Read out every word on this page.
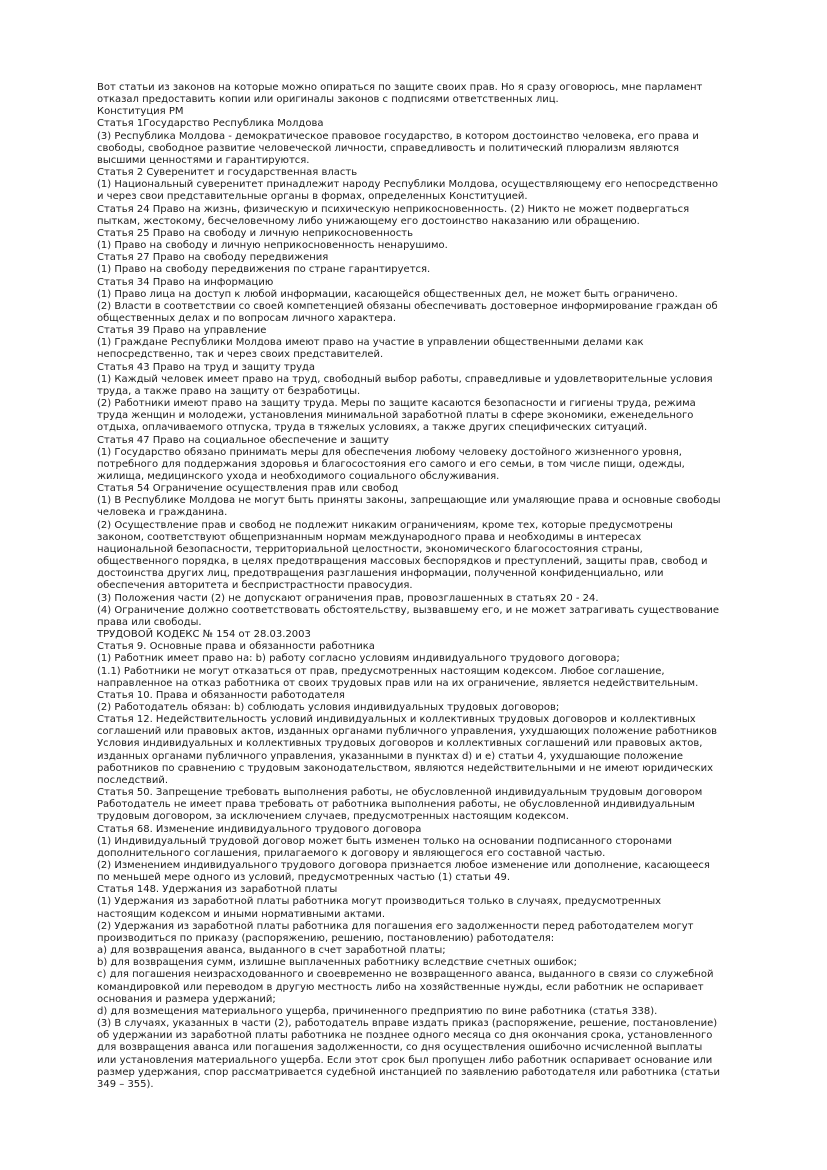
Вот статьи из законов на которые можно опираться по защите своих прав. Но я сразу оговорюсь, мне парламент
отказал предоставить копии или оригиналы законов с подписями ответственных лиц.
Конституция РМ
Статья 1Государство Республика Молдова
(3) Республика Молдова - демократическое правовое государство, в котором достоинство человека, его права и
свободы, свободное развитие человеческой личности, справедливость и политический плюрализм являются
высшими ценностями и гарантируются.
Статья 2 Суверенитет и государственная власть
(1) Национальный суверенитет принадлежит народу Республики Молдова, осуществляющему его непосредственно
и через свои представительные органы в формах, определенных Конституцией.
Статья 24 Право на жизнь, физическую и психическую неприкосновенность. (2) Никто не может подвергаться
пыткам, жестокому, бесчеловечному либо унижающему его достоинство наказанию или обращению.
Статья 25 Право на свободу и личную неприкосновенность
(1) Право на свободу и личную неприкосновенность ненарушимо.
Статья 27 Право на свободу передвижения
(1) Право на свободу передвижения по стране гарантируется.
Статья 34 Право на информацию
(1) Право лица на доступ к любой информации, касающейся общественных дел, не может быть ограничено.
(2) Власти в соответствии со своей компетенцией обязаны обеспечивать достоверное информирование граждан об
общественных делах и по вопросам личного характера.
Статья 39 Право на управление
(1) Граждане Республики Молдова имеют право на участие в управлении общественными делами как
непосредственно, так и через своих представителей.
Статья 43 Право на труд и защиту труда
(1) Каждый человек имеет право на труд, свободный выбор работы, справедливые и удовлетворительные условия
труда, а также право на защиту от безработицы.
(2) Работники имеют право на защиту труда. Меры по защите касаются безопасности и гигиены труда, режима
труда женщин и молодежи, установления минимальной заработной платы в сфере экономики, еженедельного
отдыха, оплачиваемого отпуска, труда в тяжелых условиях, а также других специфических ситуаций.
Статья 47 Право на социальное обеспечение и защиту
(1) Государство обязано принимать меры для обеспечения любому человеку достойного жизненного уровня,
потребного для поддержания здоровья и благосостояния его самого и его семьи, в том числе пищи, одежды,
жилища, медицинского ухода и необходимого социального обслуживания.
Статья 54 Ограничение осуществления прав или свобод
(1) В Республике Молдова не могут быть приняты законы, запрещающие или умаляющие права и основные свободы
человека и гражданина.
(2) Осуществление прав и свобод не подлежит никаким ограничениям, кроме тех, которые предусмотрены
законом, соответствуют общепризнанным нормам международного права и необходимы в интересах
национальной безопасности, территориальной целостности, экономического благосостояния страны,
общественного порядка, в целях предотвращения массовых беспорядков и преступлений, защиты прав, свобод и
достоинства других лиц, предотвращения разглашения информации, полученной конфиденциально, или
обеспечения авторитета и беспристрастности правосудия.
(3) Положения части (2) не допускают ограничения прав, провозглашенных в статьях 20 - 24.
(4) Ограничение должно соответствовать обстоятельству, вызвавшему его, и не может затрагивать существование
права или свободы.
ТРУДОВОЙ КОДЕКС № 154 от 28.03.2003
Статья 9. Основные права и обязанности работника
(1) Работник имеет право на: b) работу согласно условиям индивидуального трудового договора;
(1.1) Работники не могут отказаться от прав, предусмотренных настоящим кодексом. Любое соглашение,
направленное на отказ работника от своих трудовых прав или на их ограничение, является недействительным.
Статья 10. Права и обязанности работодателя
(2) Работодатель обязан: b) соблюдать условия индивидуальных трудовых договоров;
Статья 12. Недействительность условий индивидуальных и коллективных трудовых договоров и коллективных
соглашений или правовых актов, изданных органами публичного управления, ухудшающих положение работников
Условия индивидуальных и коллективных трудовых договоров и коллективных соглашений или правовых актов,
изданных органами публичного управления, указанными в пунктах d) и e) статьи 4, ухудшающие положение
работников по сравнению с трудовым законодательством, являются недействительными и не имеют юридических
последствий.
Статья 50. Запрещение требовать выполнения работы, не обусловленной индивидуальным трудовым договором
Работодатель не имеет права требовать от работника выполнения работы, не обусловленной индивидуальным
трудовым договором, за исключением случаев, предусмотренных настоящим кодексом.
Статья 68. Изменение индивидуального трудового договора
(1) Индивидуальный трудовой договор может быть изменен только на основании подписанного сторонами
дополнительного соглашения, прилагаемого к договору и являющегося его составной частью.
(2) Изменением индивидуального трудового договора признается любое изменение или дополнение, касающееся
по меньшей мере одного из условий, предусмотренных частью (1) статьи 49.
Статья 148. Удержания из заработной платы
(1) Удержания из заработной платы работника могут производиться только в случаях, предусмотренных
настоящим кодексом и иными нормативными актами.
(2) Удержания из заработной платы работника для погашения его задолженности перед работодателем могут
производиться по приказу (распоряжению, решению, постановлению) работодателя:
a) для возвращения аванса, выданного в счет заработной платы;
b) для возвращения сумм, излишне выплаченных работнику вследствие счетных ошибок;
c) для погашения неизрасходованного и своевременно не возвращенного аванса, выданного в связи со служебной
командировкой или переводом в другую местность либо на хозяйственные нужды, если работник не оспаривает
основания и размера удержаний;
d) для возмещения материального ущерба, причиненного предприятию по вине работника (статья 338).
(3) В случаях, указанных в части (2), работодатель вправе издать приказ (распоряжение, решение, постановление)
об удержании из заработной платы работника не позднее одного месяца со дня окончания срока, установленного
для возвращения аванса или погашения задолженности, со дня осуществления ошибочно исчисленной выплаты
или установления материального ущерба. Если этот срок был пропущен либо работник оспаривает основание или
размер удержания, спор рассматривается судебной инстанцией по заявлению работодателя или работника (статьи
349 – 355).
